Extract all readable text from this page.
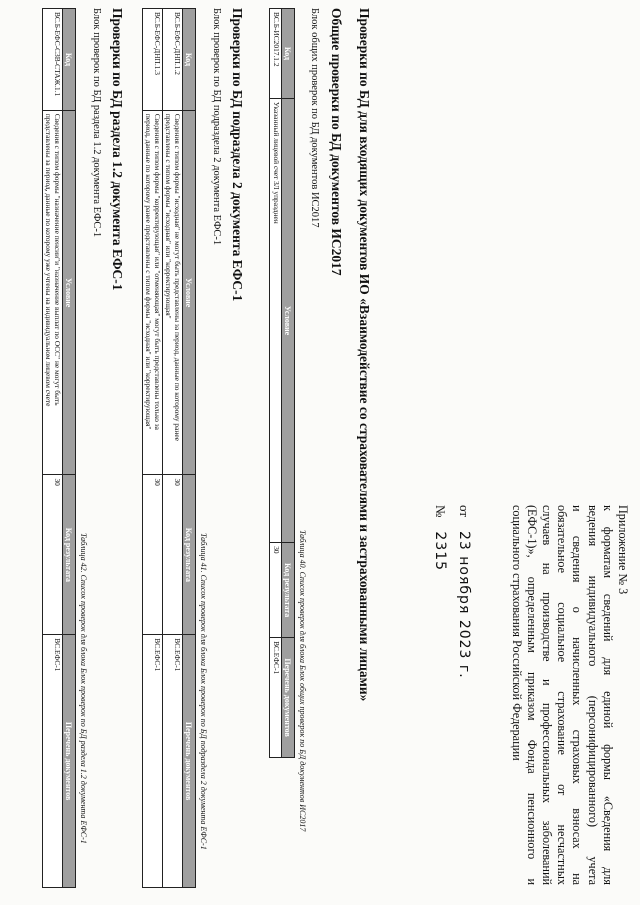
Приложение № 3
к форматам сведений для единой формы «Сведения для
ведения индивидуального (персонифицированного) учета
и сведения о начисленных страховых взносах на
обязательное социальное страхование от несчастных
случаев на производстве и профессиональных заболеваний
(ЕФС-1)», определенным приказом Фонда пенсионного и
социального страхования Российской Федерации
от23 ноября 2023 г.
№2315
Проверки по БД для входящих документов ИО «Взаимодействие со страхователями и застрахованными лицами»
Общие проверки по БД документов ИС2017
Блок общих проверок по БД документов ИС2017
Таблица 40. Список проверок для блока Блок общих проверок по БД документов ИС2017
Код	Условие	Код результата	Перечень документов
ВС.Б-ИС2017.1.2	Указанный лицевой счет ЗЛ упразднен	30	ВС.ЕФС-1
Проверки по БД подраздела 2 документа ЕФС-1
Блок проверок по БД подраздела 2 документа ЕФС-1
Таблица 41. Список проверок для блока Блок проверок по БД подраздела 2 документа ЕФС-1
Код	Условие	Код результата	Перечень документов
ВС.Б-ЕФС-ДНП.1.2	Сведения с типом формы "исходная" не могут быть представлены за период, данные по которому ранее
представлены с типом формы "исходная" или "корректирующая"	30	ВС.ЕФС-1
ВС.Б-ЕФС-ДНП.1.3	Сведения с типом формы "корректирующая" или "отменяющая" могут быть представлены только за
период, данные по которому ранее представлены с типом формы "исходная" или "корректирующая"	30	ВС.ЕФС-1
Проверки по БД раздела 1.2 документа ЕФС-1
Блок проверок по БД раздела 1.2 документа ЕФС-1
Таблица 42. Список проверок для блока Блок проверок по БД раздела 1.2 документа ЕФС-1
Код	Условие	Код результата	Перечень документов
ВС.Б-ЕФС-СЗВ-СТАЖ.1.1	Сведения с типом формы "назначение пенсии"и "назначение выплат по ОСС" не могут быть
представлены за период, данные по которому уже учтены на индивидуальном лицевом счете	30	ВС.ЕФС-1
